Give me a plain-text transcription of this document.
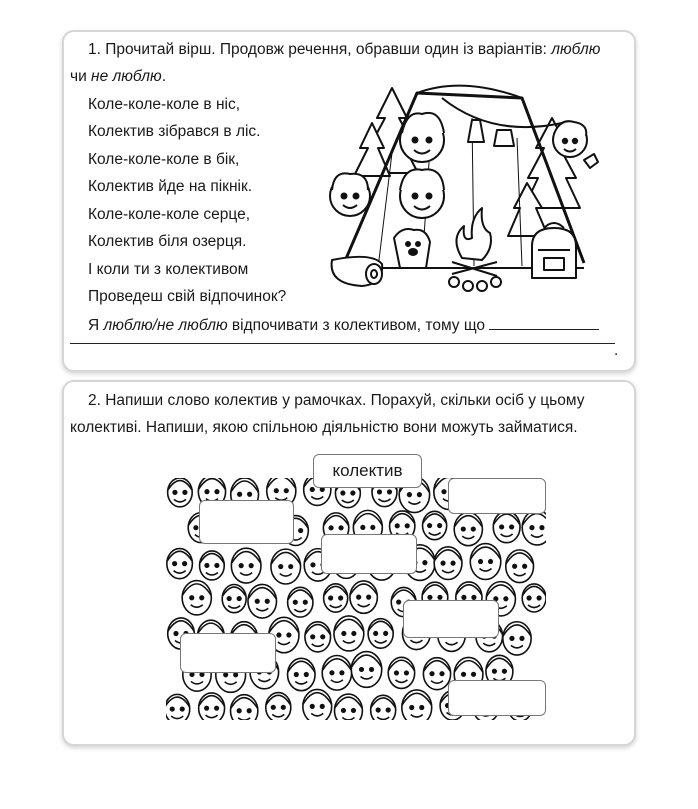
1. Прочитай вірш. Продовж речення, обравши один із варіантів: люблю
чи не люблю.
Коле-коле-коле в ніс,
Колектив зібрався в ліс.
Коле-коле-коле в бік,
Колектив йде на пікнік.
Коле-коле-коле серце,
Колектив біля озерця.
І коли ти з колективом
Проведеш свій відпочинок?
Я люблю/не люблю відпочивати з колективом, тому що
.
2. Напиши слово колектив у рамочках. Порахуй, скільки осіб у цьому
колективі. Напиши, якою спільною діяльністю вони можуть займатися.
колектив
